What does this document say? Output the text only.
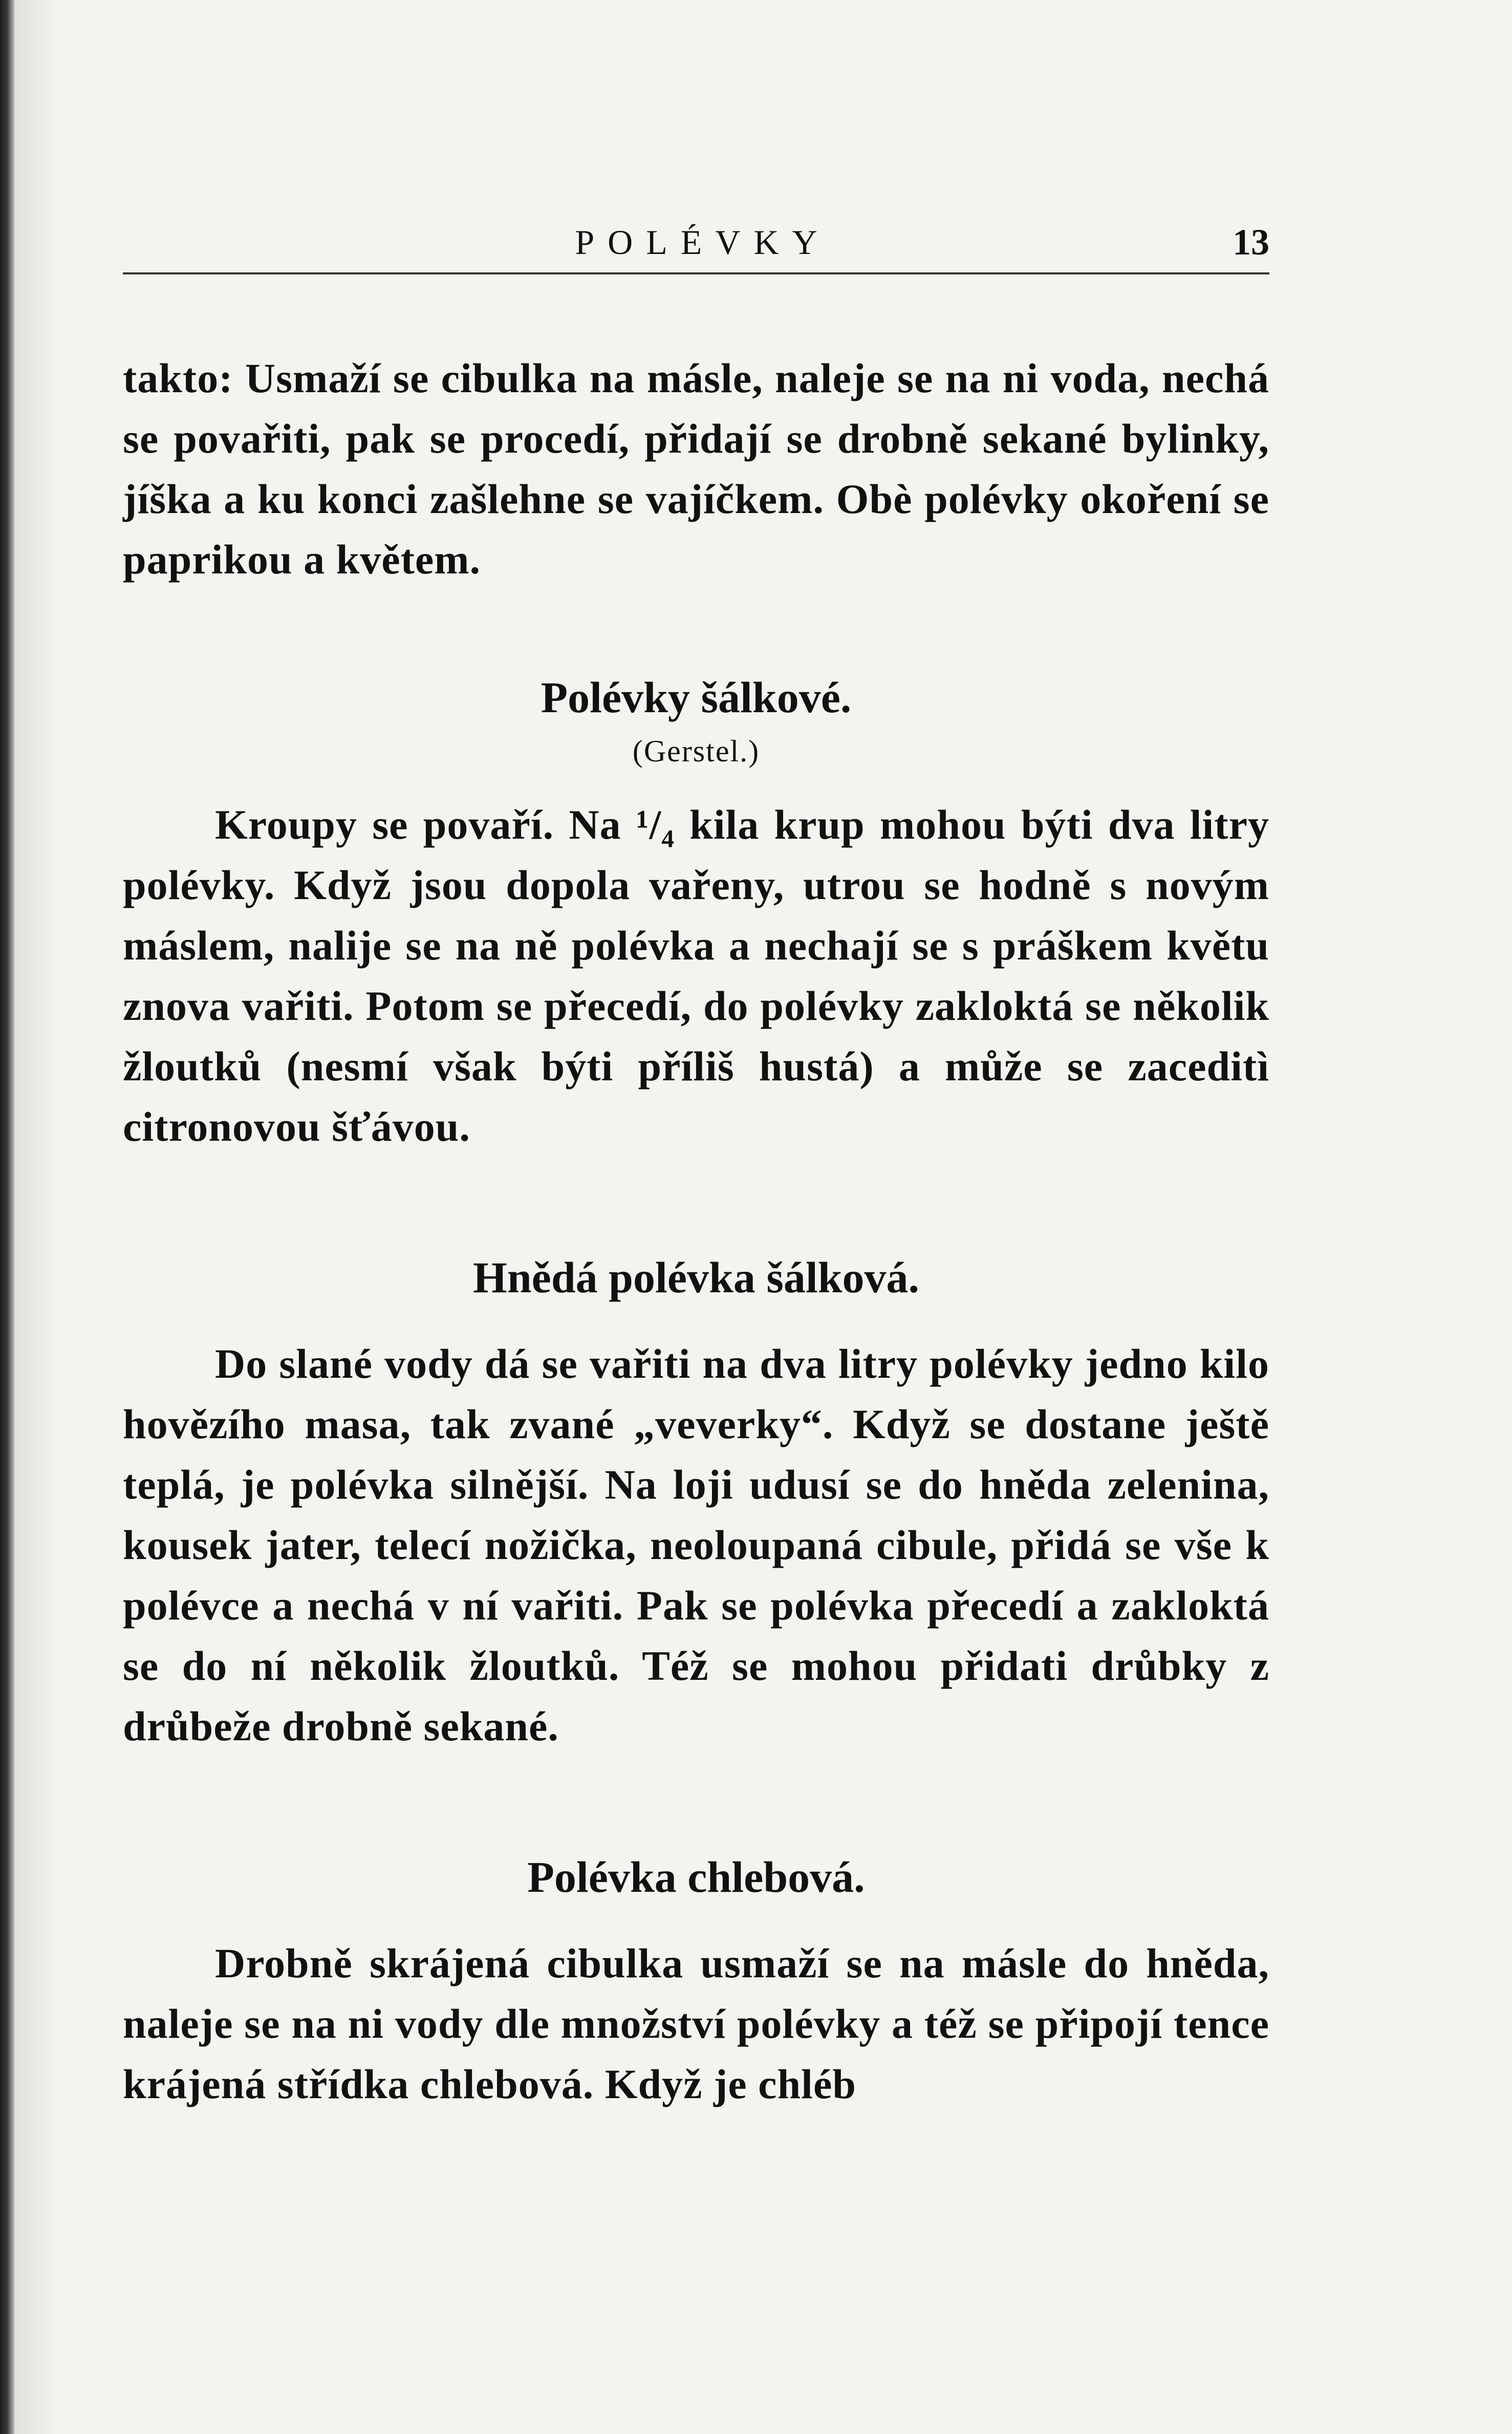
POLÉVKY	13

takto: Usmaží se cibulka na másle, naleje se na ni voda, nechá se povařiti, pak se procedí, přidají se drobně sekané bylinky, jíška a ku konci zašlehne se vajíčkem. Obè polévky okoření se paprikou a květem.

Polévky šálkové.

(Gerstel.)

Kroupy se povaří. Na ¹/₄ kila krup mohou býti dva litry polévky. Když jsou dopola vařeny, utrou se hodně s novým máslem, nalije se na ně polévka a nechají se s práškem květu znova vařiti. Potom se přecedí, do polévky zakloktá se několik žloutků (nesmí však býti příliš hustá) a může se zaceditì citronovou šťávou.

Hnědá polévka šálková.

Do slané vody dá se vařiti na dva litry polévky jedno kilo hovězího masa, tak zvané „veverky“. Když se dostane ještě teplá, je polévka silnější. Na loji udusí se do hněda zelenina, kousek jater, telecí nožička, neoloupaná cibule, přidá se vše k polévce a nechá v ní vařiti. Pak se polévka přecedí a zakloktá se do ní několik žloutků. Též se mohou přidati drůbky z drůbeže drobně sekané.

Polévka chlebová.

Drobně skrájená cibulka usmaží se na másle do hněda, naleje se na ni vody dle množství polévky a též se připojí tence krájená střídka chlebová. Když je chléb
